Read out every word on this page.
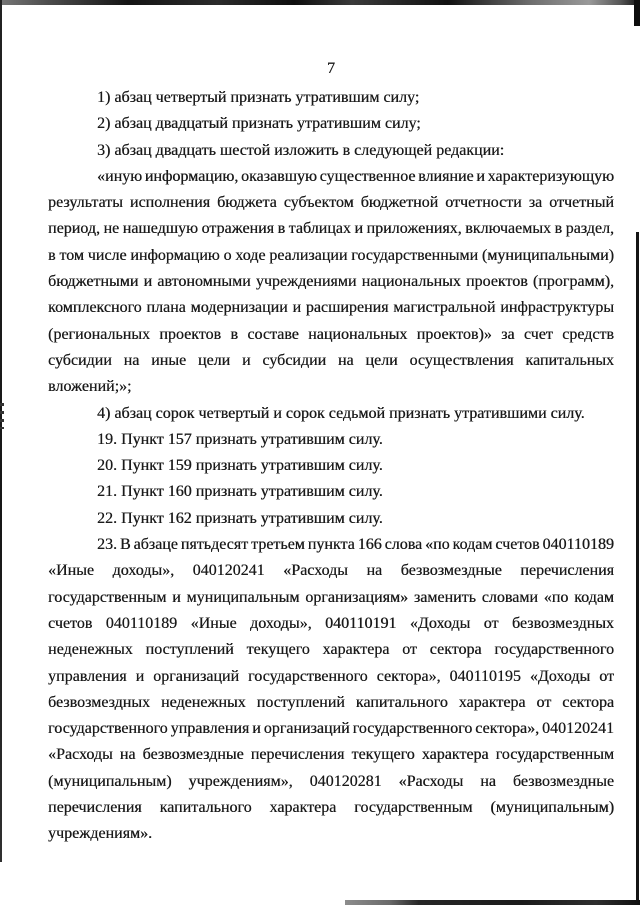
7
1) абзац четвертый признать утратившим силу;
2) абзац двадцатый признать утратившим силу;
3) абзац двадцать шестой изложить в следующей редакции:
«иную информацию, оказавшую существенное влияние и характеризующую
результаты исполнения бюджета субъектом бюджетной отчетности за отчетный
период, не нашедшую отражения в таблицах и приложениях, включаемых в раздел,
в том числе информацию о ходе реализации государственными (муниципальными)
бюджетными и автономными учреждениями национальных проектов (программ),
комплексного плана модернизации и расширения магистральной инфраструктуры
(региональных проектов в составе национальных проектов)» за счет средств
субсидии на иные цели и субсидии на цели осуществления капитальных
вложений;»;
4) абзац сорок четвертый и сорок седьмой признать утратившими силу.
19. Пункт 157 признать утратившим силу.
20. Пункт 159 признать утратившим силу.
21. Пункт 160 признать утратившим силу.
22. Пункт 162 признать утратившим силу.
23. В абзаце пятьдесят третьем пункта 166 слова «по кодам счетов 040110189
«Иные доходы», 040120241 «Расходы на безвозмездные перечисления
государственным и муниципальным организациям» заменить словами «по кодам
счетов 040110189 «Иные доходы», 040110191 «Доходы от безвозмездных
неденежных поступлений текущего характера от сектора государственного
управления и организаций государственного сектора», 040110195 «Доходы от
безвозмездных неденежных поступлений капитального характера от сектора
государственного управления и организаций государственного сектора», 040120241
«Расходы на безвозмездные перечисления текущего характера государственным
(муниципальным) учреждениям», 040120281 «Расходы на безвозмездные
перечисления капитального характера государственным (муниципальным)
учреждениям».
